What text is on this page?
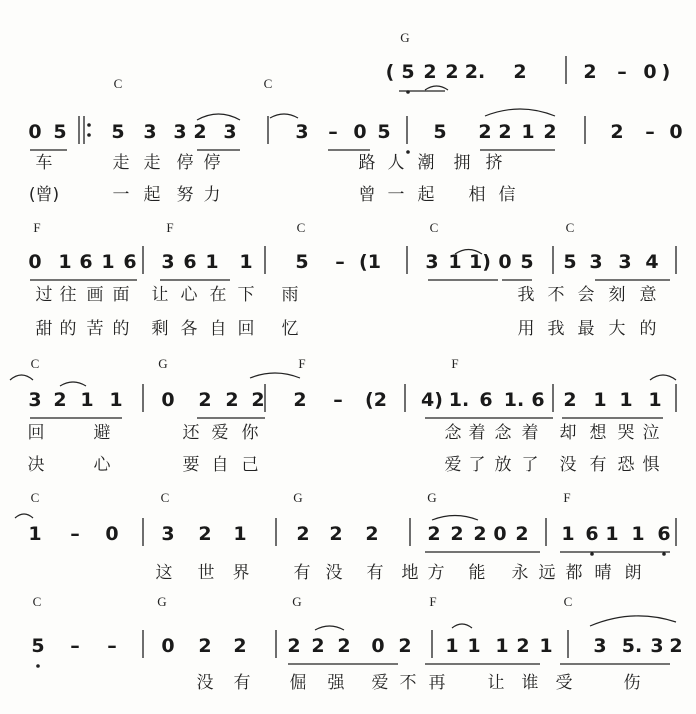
G
( 5 2 2 2. 2	2 – 0 )
C	C
0 5 5 3 3 2 3	3 – 0 5 5 2 2 1 2	2 – 0
车	走 走 停 停	路 人 潮 拥 挤
(曾)	一 起 努 力	曾 一 起 相 信
F	F	C	C	C
0 1 6 1 6 3 6 1 1 5 – (1 3 1 1) 0 5 5 3 3 4
过 往 画 面 让 心 在 下 雨	我 不 会 刻 意
甜 的 苦 的 剩 各 自 回 忆	用 我 最 大 的
C	G	F	F
3 2 1 1 0 2 2 2 2 – (2 4) 1. 6 1. 6 2 1 1 1
回	避	还 爱 你	念 着 念 着 却 想 哭 泣
决	心	要 自 己	爱 了 放 了 没 有 恐 惧
C	C	G	G	F
1 – 0 3 2 1	2 2 2	2 2 2 0 2 1 6 1 1 6
这 世 界	有 没 有 地 方 能 永 远 都 晴 朗
C	G	G	F	C
5 – – 0 2 2 2 2 2 0 2 1 1 1 2 1 3 5. 3 2
没 有 倔 强 爱 不 再 让 谁 受	伤
